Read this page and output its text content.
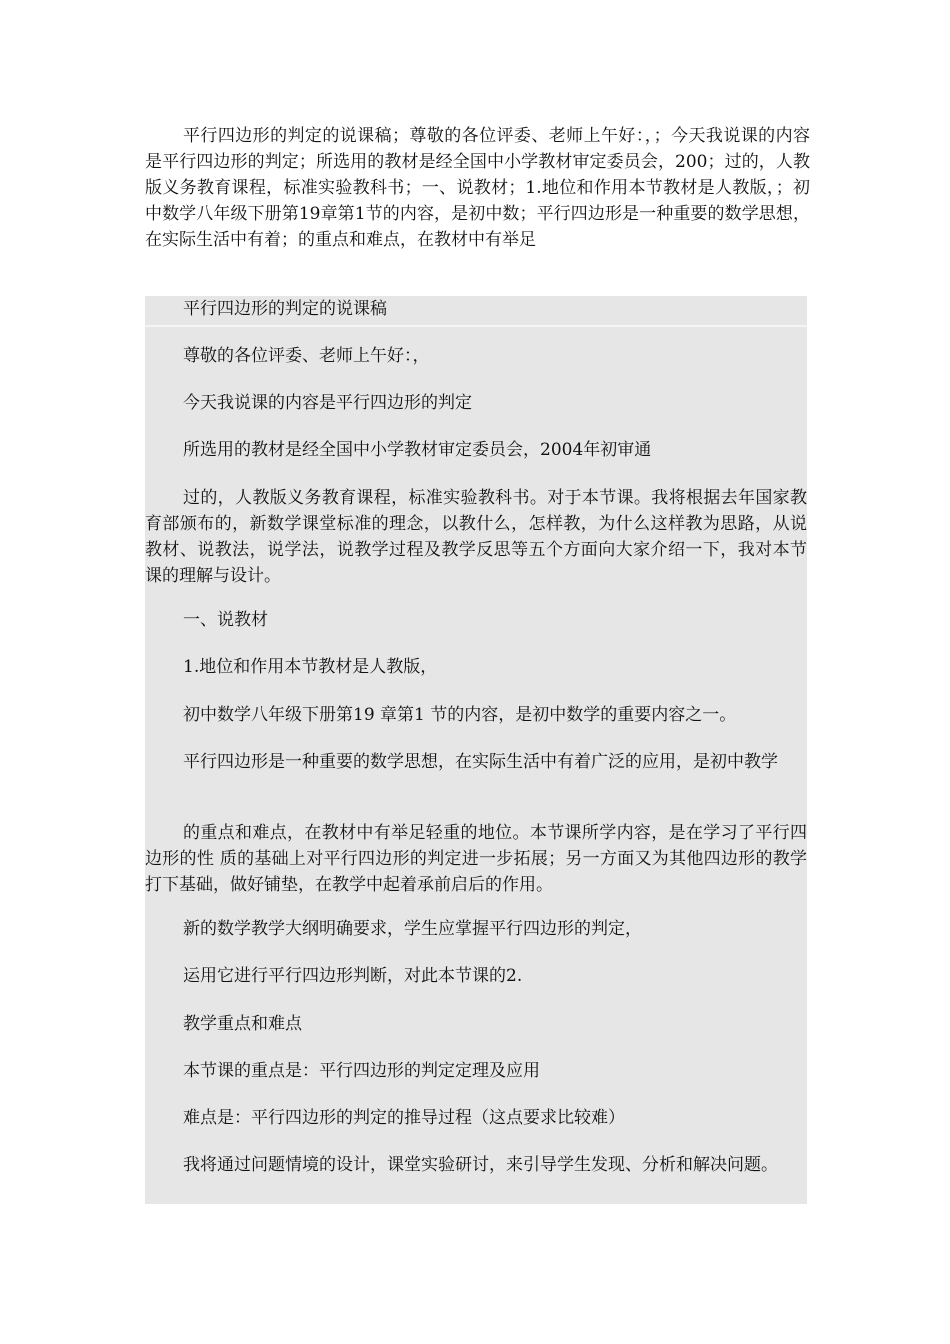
平行四边形的判定的说课稿；尊敬的各位评委、老师上午好：，；今天我说课的内容是平行四边形的判定；所选用的教材是经全国中小学教材审定委员会，200；过的，人教版义务教育课程，标准实验教科书；一、说教材；1.地位和作用本节教材是人教版，；初中数学八年级下册第19章第1节的内容，是初中数；平行四边形是一种重要的数学思想，在实际生活中有着；的重点和难点，在教材中有举足

平行四边形的判定的说课稿

尊敬的各位评委、老师上午好：，

今天我说课的内容是平行四边形的判定

所选用的教材是经全国中小学教材审定委员会，2004年初审通

过的，人教版义务教育课程，标准实验教科书。对于本节课。我将根据去年国家教育部颁布的，新数学课堂标准的理念，以教什么，怎样教，为什么这样教为思路，从说教材、说教法，说学法，说教学过程及教学反思等五个方面向大家介绍一下，我对本节课的理解与设计。

一、说教材

1.地位和作用本节教材是人教版，

初中数学八年级下册第19 章第1 节的内容，是初中数学的重要内容之一。

平行四边形是一种重要的数学思想，在实际生活中有着广泛的应用，是初中教学

的重点和难点，在教材中有举足轻重的地位。本节课所学内容，是在学习了平行四边形的性 质的基础上对平行四边形的判定进一步拓展；另一方面又为其他四边形的教学打下基础，做好铺垫，在教学中起着承前启后的作用。

新的数学教学大纲明确要求，学生应掌握平行四边形的判定，

运用它进行平行四边形判断，对此本节课的2.

教学重点和难点

本节课的重点是：平行四边形的判定定理及应用

难点是：平行四边形的判定的推导过程（这点要求比较难）

我将通过问题情境的设计，课堂实验研讨，来引导学生发现、分析和解决问题。
